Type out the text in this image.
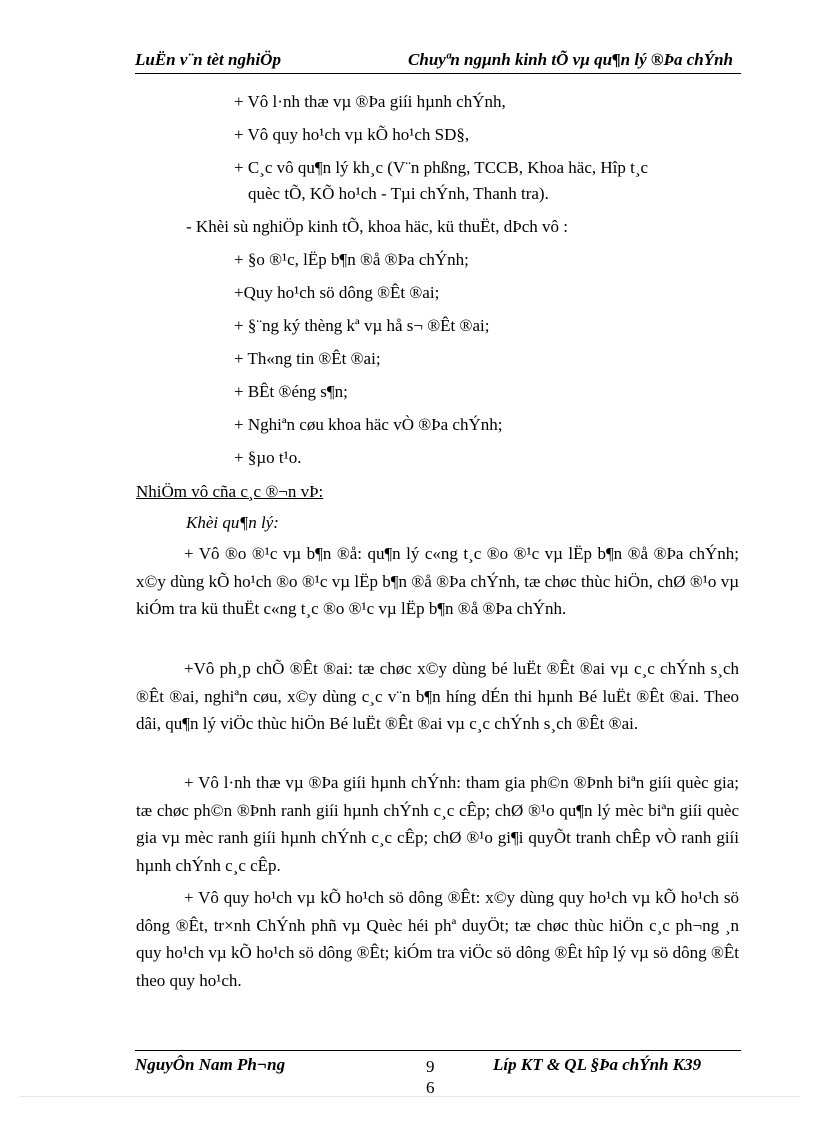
LuËn v¨n tèt nghiÖp	Chuyªn ngµnh kinh tÕ vµ qu¶n lý ®Þa chÝnh
+ Vô l·nh thæ vµ ®Þa giíi hµnh chÝnh,
+ Vô quy ho¹ch vµ kÕ ho¹ch SD§,
+ C¸c vô qu¶n lý kh¸c (V¨n phßng, TCCB, Khoa häc, Hîp t¸c
quèc tÕ, KÕ ho¹ch - Tµi chÝnh, Thanh tra).
- Khèi sù nghiÖp kinh tÕ, khoa häc, kü thuËt, dÞch vô :
+ §o ®¹c, lËp b¶n ®å ®Þa chÝnh;
+Quy ho¹ch sö dông ®Êt ®ai;
+ §¨ng ký thèng kª vµ hå s¬ ®Êt ®ai;
+ Th«ng tin ®Êt ®ai;
+ BÊt ®éng s¶n;
+ Nghiªn cøu khoa häc vÒ ®Þa chÝnh;
+ §µo t¹o.
NhiÖm vô cña c¸c ®¬n vÞ:
Khèi qu¶n lý:
+ Vô ®o ®¹c vµ b¶n ®å: qu¶n lý c«ng t¸c ®o ®¹c vµ lËp b¶n ®å ®Þa chÝnh; x©y dùng kÕ ho¹ch ®o ®¹c vµ lËp b¶n ®å ®Þa chÝnh, tæ chøc thùc hiÖn, chØ ®¹o vµ kiÓm tra kü thuËt c«ng t¸c ®o ®¹c vµ lËp b¶n ®å ®Þa chÝnh.
+Vô ph¸p chÕ ®Êt ®ai: tæ chøc x©y dùng bé luËt ®Êt ®ai vµ c¸c chÝnh s¸ch ®Êt ®ai, nghiªn cøu, x©y dùng c¸c v¨n b¶n híng dÉn thi hµnh Bé luËt ®Êt ®ai. Theo dâi, qu¶n lý viÖc thùc hiÖn Bé luËt ®Êt ®ai vµ c¸c chÝnh s¸ch ®Êt ®ai.
+ Vô l·nh thæ vµ ®Þa giíi hµnh chÝnh: tham gia ph©n ®Þnh biªn giíi quèc gia; tæ chøc ph©n ®Þnh ranh giíi hµnh chÝnh c¸c cÊp; chØ ®¹o qu¶n lý mèc biªn giíi quèc gia vµ mèc ranh giíi hµnh chÝnh c¸c cÊp; chØ ®¹o gi¶i quyÕt tranh chÊp vÒ ranh giíi hµnh chÝnh c¸c cÊp.
+ Vô quy ho¹ch vµ kÕ ho¹ch sö dông ®Êt: x©y dùng quy ho¹ch vµ kÕ ho¹ch sö dông ®Êt, tr×nh ChÝnh phñ vµ Quèc héi phª duyÖt; tæ chøc thùc hiÖn c¸c ph¬ng ¸n quy ho¹ch vµ kÕ ho¹ch sö dông ®Êt; kiÓm tra viÖc sö dông ®Êt hîp lý vµ sö dông ®Êt theo quy ho¹ch.
NguyÔn Nam Ph¬ng	9
6
Líp KT & QL §Þa chÝnh K39
